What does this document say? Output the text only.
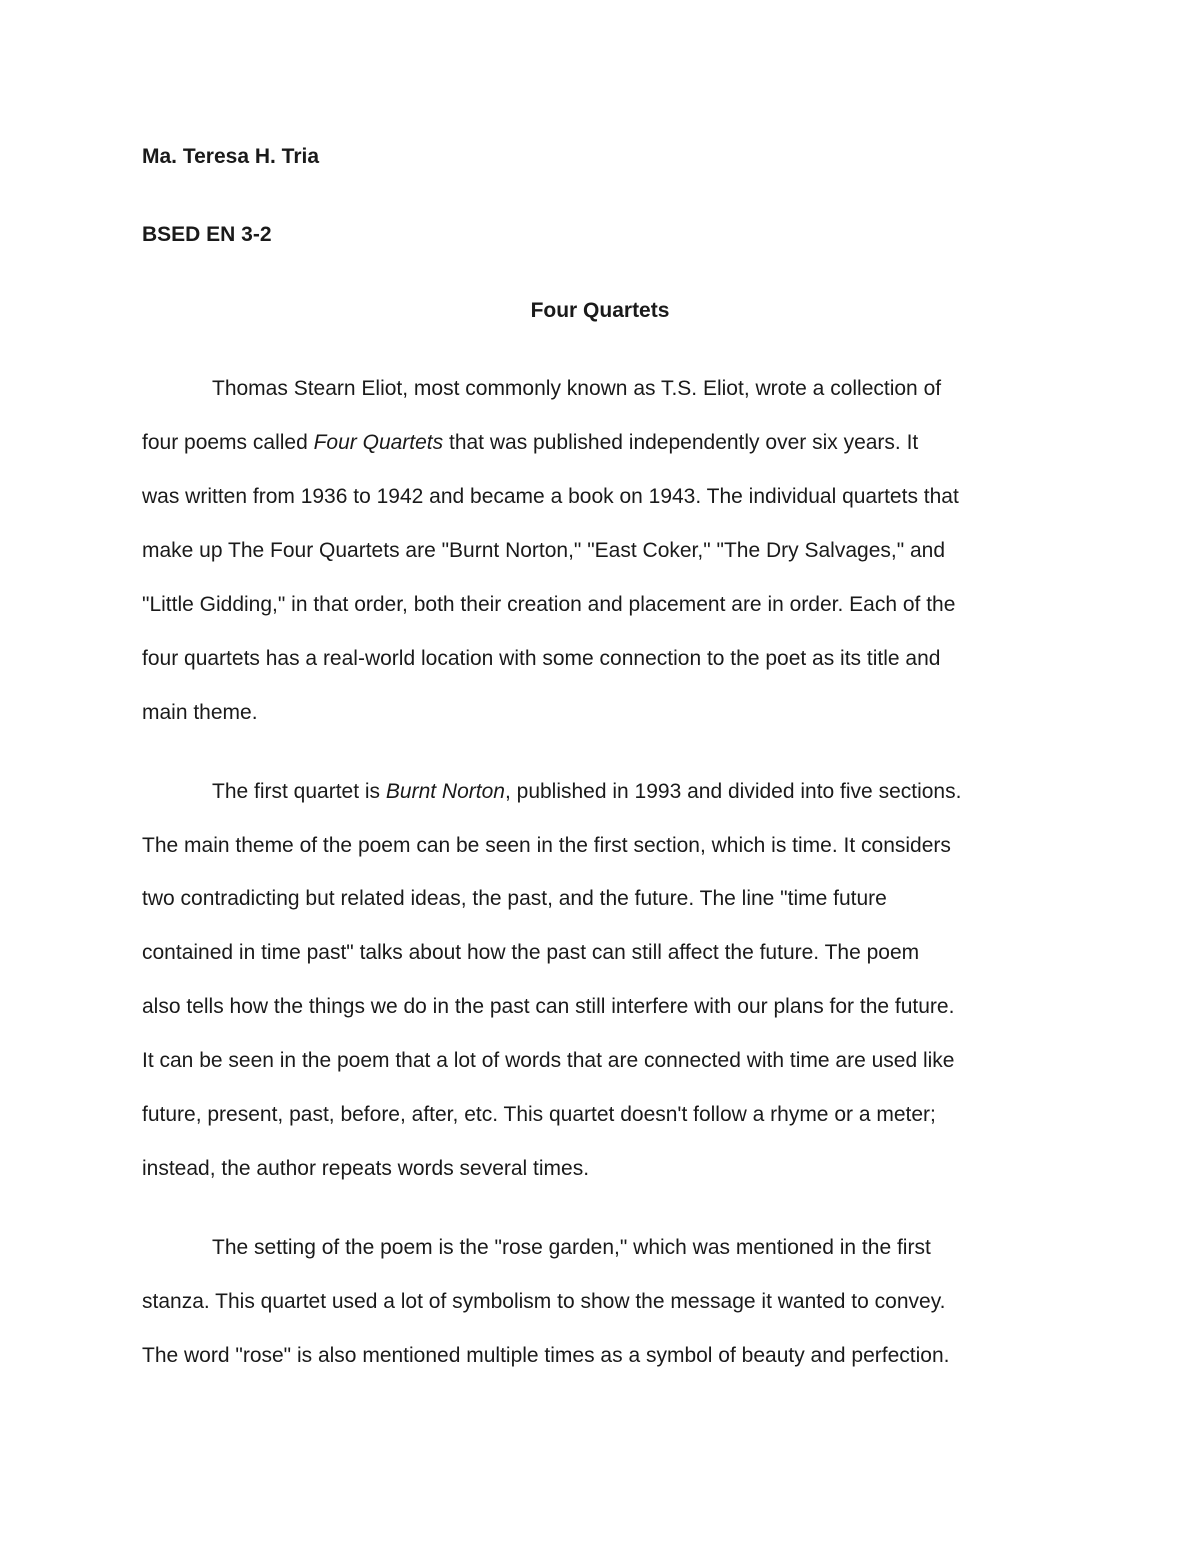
Ma. Teresa H. Tria
BSED EN 3-2
Four Quartets
Thomas Stearn Eliot, most commonly known as T.S. Eliot, wrote a collection of
four poems called Four Quartets that was published independently over six years. It
was written from 1936 to 1942 and became a book on 1943. The individual quartets that
make up The Four Quartets are "Burnt Norton," "East Coker," "The Dry Salvages," and
"Little Gidding," in that order, both their creation and placement are in order. Each of the
four quartets has a real-world location with some connection to the poet as its title and
main theme.
The first quartet is Burnt Norton, published in 1993 and divided into five sections.
The main theme of the poem can be seen in the first section, which is time. It considers
two contradicting but related ideas, the past, and the future. The line "time future
contained in time past" talks about how the past can still affect the future. The poem
also tells how the things we do in the past can still interfere with our plans for the future.
It can be seen in the poem that a lot of words that are connected with time are used like
future, present, past, before, after, etc. This quartet doesn't follow a rhyme or a meter;
instead, the author repeats words several times.
The setting of the poem is the "rose garden," which was mentioned in the first
stanza. This quartet used a lot of symbolism to show the message it wanted to convey.
The word "rose" is also mentioned multiple times as a symbol of beauty and perfection.
